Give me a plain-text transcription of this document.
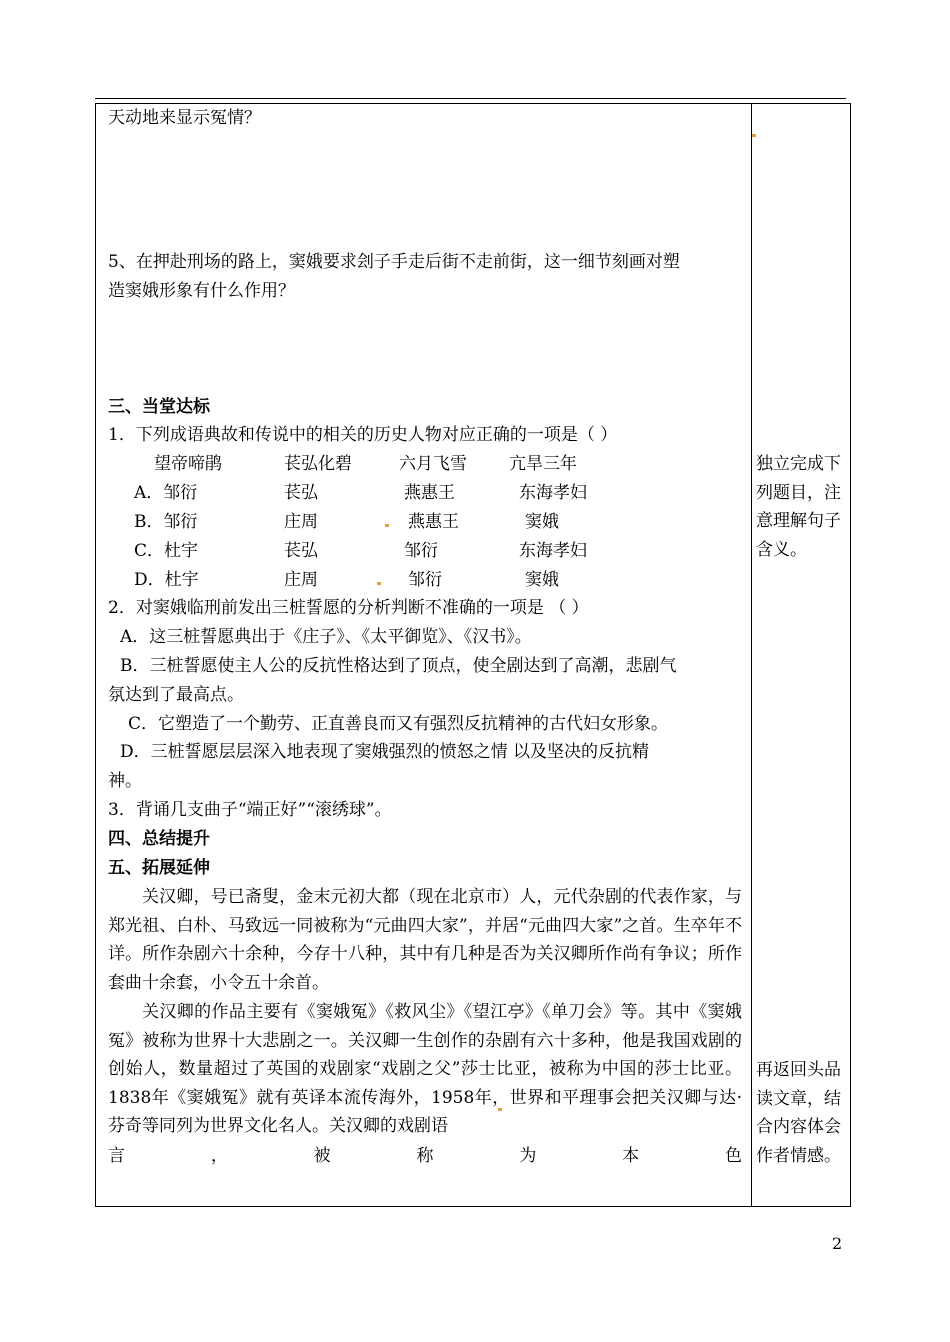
天动地来显示冤情？
5、在押赴刑场的路上，窦娥要求刽子手走后街不走前街，这一细节刻画对塑
造窦娥形象有什么作用？
三、当堂达标
1．下列成语典故和传说中的相关的历史人物对应正确的一项是（ ）
望帝啼鹃	苌弘化碧	六月飞雪	亢旱三年
A．邹衍	苌弘	燕惠王	东海孝妇
B．邹衍	庄周	燕惠王	窦娥
C．杜宇	苌弘	邹衍	东海孝妇
D．杜宇	庄周	邹衍	窦娥
2．对窦娥临刑前发出三桩誓愿的分析判断不准确的一项是 （ ）
A．这三桩誓愿典出于《庄子》、《太平御览》、《汉书》。
B．三桩誓愿使主人公的反抗性格达到了顶点，使全剧达到了高潮，悲剧气
氛达到了最高点。
C．它塑造了一个勤劳、正直善良而又有强烈反抗精神的古代妇女形象。
D．三桩誓愿层层深入地表现了窦娥强烈的愤怒之情 以及坚决的反抗精
神。
3．背诵几支曲子“端正好”“滚绣球”。
四、总结提升
五、拓展延伸
关汉卿，号已斋叟，金末元初大都（现在北京市）人，元代杂剧的代表作家，与郑光祖、白朴、马致远一同被称为“元曲四大家”，并居“元曲四大家”之首。生卒年不详。所作杂剧六十余种，今存十八种，其中有几种是否为关汉卿所作尚有争议；所作套曲十余套，小令五十余首。
关汉卿的作品主要有《窦娥冤》《救风尘》《望江亭》《单刀会》等。其中《窦娥冤》被称为世界十大悲剧之一。关汉卿一生创作的杂剧有六十多种，他是我国戏剧的创始人，数量超过了英国的戏剧家“戏剧之父”莎士比亚，被称为中国的莎士比亚。1838年《窦娥冤》就有英译本流传海外，1958年，世界和平理事会把关汉卿与达·芬奇等同列为世界文化名人。关汉卿的戏剧语
言	，	被	称	为	本	色
独立完成下
列题目，注
意理解句子
含义。
再返回头品
读文章，结
合内容体会
作者情感。
2
